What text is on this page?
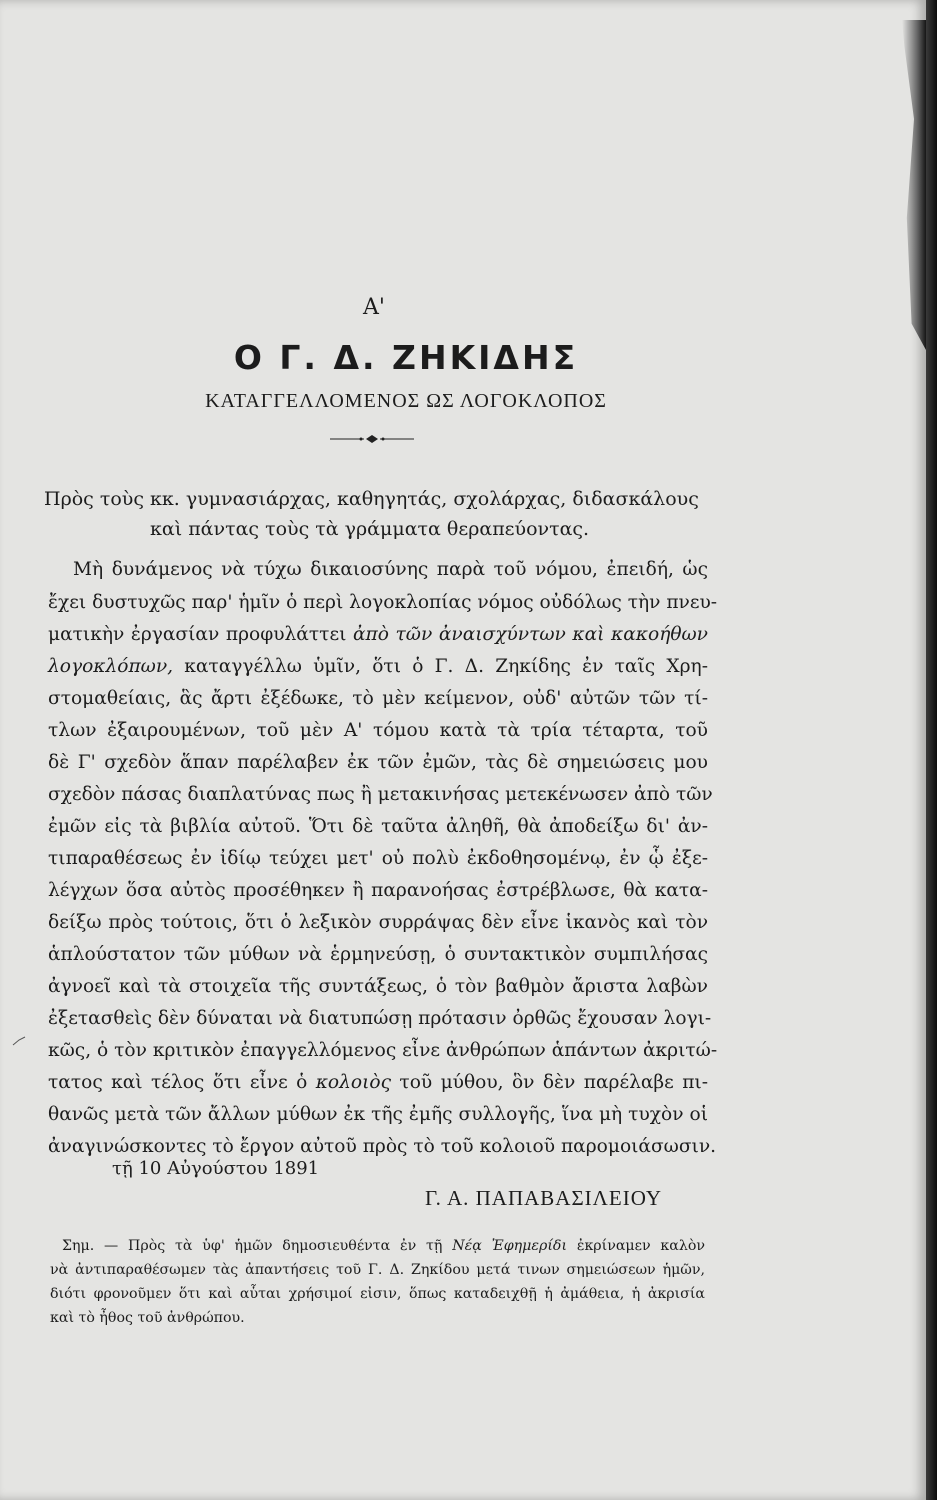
Α'
Ο Γ. Δ. ΖΗΚΙΔΗΣ
ΚΑΤΑΓΓΕΛΛΟΜΕΝΟΣ ΩΣ ΛΟΓΟΚΛΟΠΟΣ
Πρὸς τοὺς κκ. γυμνασιάρχας, καθηγητάς, σχολάρχας, διδασκάλους
καὶ πάντας τοὺς τὰ γράμματα θεραπεύοντας.
Μὴ δυνάμενος νὰ τύχω δικαιοσύνης παρὰ τοῦ νόμου, ἐπειδή, ὡς
ἔχει δυστυχῶς παρ' ἡμῖν ὁ περὶ λογοκλοπίας νόμος οὐδόλως τὴν πνευ-
ματικὴν ἐργασίαν προφυλάττει ἀπὸ τῶν ἀναισχύντων καὶ κακοήθων
λογοκλόπων, καταγγέλλω ὑμῖν, ὅτι ὁ Γ. Δ. Ζηκίδης ἐν ταῖς Χρη-
στομαθείαις, ἃς ἄρτι ἐξέδωκε, τὸ μὲν κείμενον, οὐδ' αὐτῶν τῶν τί-
τλων ἐξαιρουμένων, τοῦ μὲν Α' τόμου κατὰ τὰ τρία τέταρτα, τοῦ
δὲ Γ' σχεδὸν ἅπαν παρέλαβεν ἐκ τῶν ἐμῶν, τὰς δὲ σημειώσεις μου
σχεδὸν πάσας διαπλατύνας πως ἢ μετακινήσας μετεκένωσεν ἀπὸ τῶν
ἐμῶν εἰς τὰ βιβλία αὐτοῦ. Ὅτι δὲ ταῦτα ἀληθῆ, θὰ ἀποδείξω δι' ἀν-
τιπαραθέσεως ἐν ἰδίῳ τεύχει μετ' οὐ πολὺ ἐκδοθησομένῳ, ἐν ᾧ ἐξε-
λέγχων ὅσα αὐτὸς προσέθηκεν ἢ παρανοήσας ἐστρέβλωσε, θὰ κατα-
δείξω πρὸς τούτοις, ὅτι ὁ λεξικὸν συρράψας δὲν εἶνε ἱκανὸς καὶ τὸν
ἁπλούστατον τῶν μύθων νὰ ἑρμηνεύσῃ, ὁ συντακτικὸν συμπιλήσας
ἀγνοεῖ καὶ τὰ στοιχεῖα τῆς συντάξεως, ὁ τὸν βαθμὸν ἄριστα λαβὼν
ἐξετασθεὶς δὲν δύναται νὰ διατυπώσῃ πρότασιν ὀρθῶς ἔχουσαν λογι-
κῶς, ὁ τὸν κριτικὸν ἐπαγγελλόμενος εἶνε ἀνθρώπων ἁπάντων ἀκριτώ-
τατος καὶ τέλος ὅτι εἶνε ὁ κολοιὸς τοῦ μύθου, ὃν δὲν παρέλαβε πι-
θανῶς μετὰ τῶν ἄλλων μύθων ἐκ τῆς ἐμῆς συλλογῆς, ἵνα μὴ τυχὸν οἱ
ἀναγινώσκοντες τὸ ἔργον αὐτοῦ πρὸς τὸ τοῦ κολοιοῦ παρομοιάσωσιν.
τῇ 10 Αὐγούστου 1891
Γ. Α. ΠΑΠΑΒΑΣΙΛΕΙΟΥ
Σημ. — Πρὸς τὰ ὑφ' ἡμῶν δημοσιευθέντα ἐν τῇ Νέᾳ Ἐφημερίδι ἐκρίναμεν καλὸν
νὰ ἀντιπαραθέσωμεν τὰς ἀπαντήσεις τοῦ Γ. Δ. Ζηκίδου μετά τινων σημειώσεων ἡμῶν,
διότι φρονοῦμεν ὅτι καὶ αὗται χρήσιμοί εἰσιν, ὅπως καταδειχθῇ ἡ ἀμάθεια, ἡ ἀκρισία
καὶ τὸ ἦθος τοῦ ἀνθρώπου.
